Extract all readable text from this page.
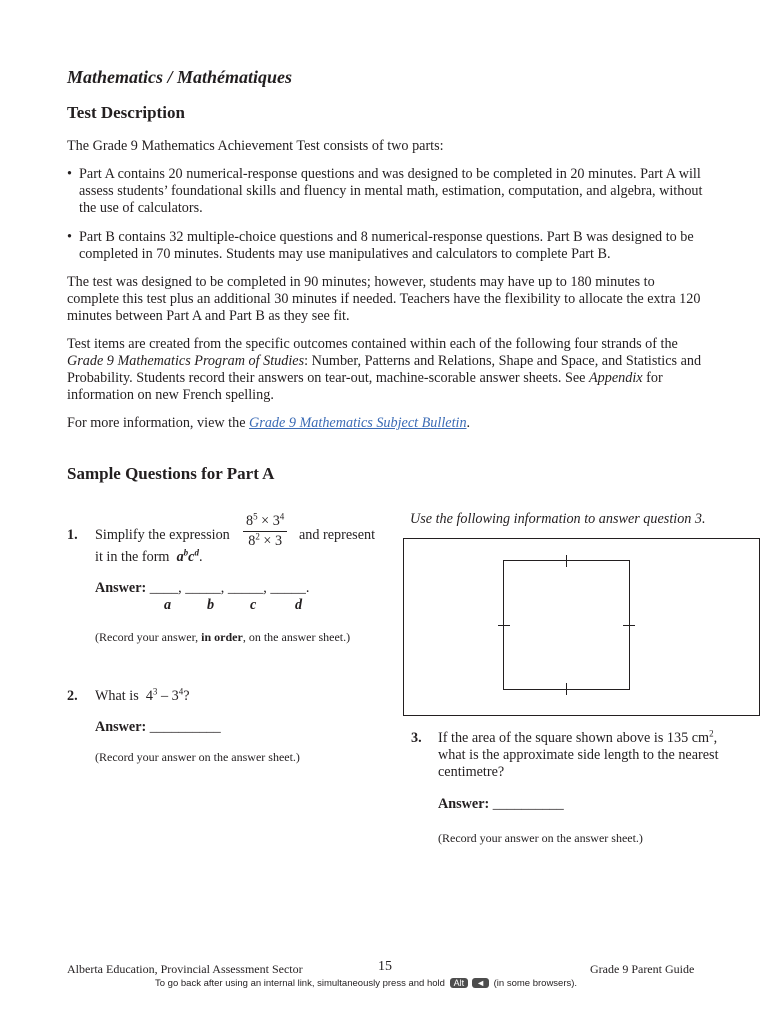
Mathematics / Mathématiques
Test Description
The Grade 9 Mathematics Achievement Test consists of two parts:
• Part A contains 20 numerical-response questions and was designed to be completed in 20 minutes. Part A will assess students’ foundational skills and fluency in mental math, estimation, computation, and algebra, without the use of calculators.
• Part B contains 32 multiple-choice questions and 8 numerical-response questions. Part B was designed to be completed in 70 minutes. Students may use manipulatives and calculators to complete Part B.
The test was designed to be completed in 90 minutes; however, students may have up to 180 minutes to complete this test plus an additional 30 minutes if needed. Teachers have the flexibility to allocate the extra 120 minutes between Part A and Part B as they see fit.
Test items are created from the specific outcomes contained within each of the following four strands of the Grade 9 Mathematics Program of Studies: Number, Patterns and Relations, Shape and Space, and Statistics and Probability. Students record their answers on tear-out, machine-scorable answer sheets. See Appendix for information on new French spelling.
For more information, view the Grade 9 Mathematics Subject Bulletin.
Sample Questions for Part A
1. Simplify the expression $\frac{8^5 \times 3^4}{8^2 \times 3}$ and represent
it in the form $a^bc^d$.
Answer: ____, _____, _____, _____.
a	b	c	d
(Record your answer, in order, on the answer sheet.)
2. What is $4^3 - 3^4$?
Answer: __________
(Record your answer on the answer sheet.)
Use the following information to answer question 3.
3. If the area of the square shown above is 135 $cm^2$, what is the approximate side length to the nearest centimetre?
Answer: __________
(Record your answer on the answer sheet.)
Alberta Education, Provincial Assessment Sector	15	Grade 9 Parent Guide
To go back after using an internal link, simultaneously press and hold Alt ◄ (in some browsers).
